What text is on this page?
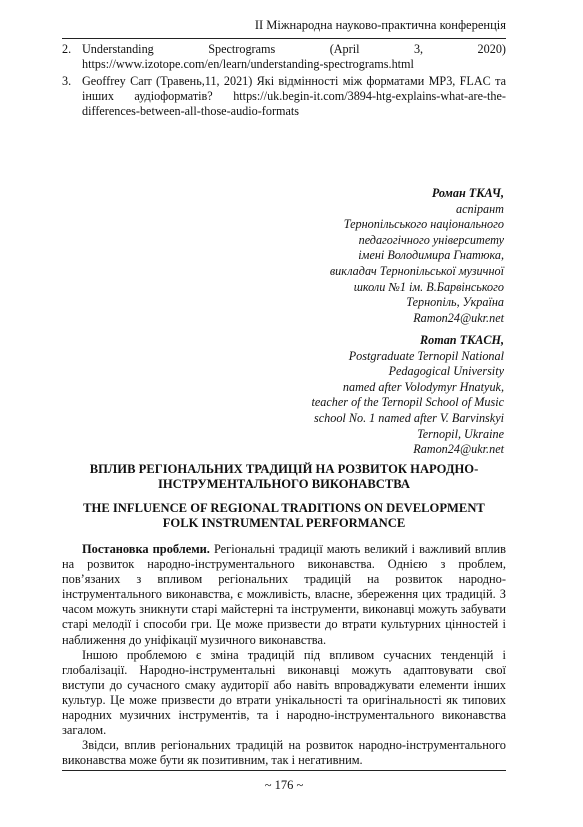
ІІ Міжнародна науково-практична конференція
2. Understanding Spectrograms (April 3, 2020) https://www.izotope.com/en/learn/understanding-spectrograms.html
3. Geoffrey Carr (Травень,11, 2021) Які відмінності між форматами MP3, FLAC та інших аудіоформатів? https://uk.begin-it.com/3894-htg-explains-what-are-the-differences-between-all-those-audio-formats
Роман ТКАЧ,
аспірант
Тернопільського національного
педагогічного університету
імені Володимира Гнатюка,
викладач Тернопільської музичної
школи №1 ім. В.Барвінського
Тернопіль, Україна
Ramon24@ukr.net
Roman TKACH,
Postgraduate Ternopil National
Pedagogical University
named after Volodymyr Hnatyuk,
teacher of the Ternopil School of Music
school No. 1 named after V. Barvinskyi
Ternopil, Ukraine
Ramon24@ukr.net
ВПЛИВ РЕГІОНАЛЬНИХ ТРАДИЦІЙ НА РОЗВИТОК НАРОДНО-
ІНСТРУМЕНТАЛЬНОГО ВИКОНАВСТВА
THE INFLUENCE OF REGIONAL TRADITIONS ON DEVELOPMENT
FOLK INSTRUMENTAL PERFORMANCE

Постановка проблеми. Регіональні традиції мають великий і важливий вплив на розвиток народно-інструментального виконавства. Однією з проблем, пов’язаних з впливом регіональних традицій на розвиток народно-інструментального виконавства, є можливість, власне, збереження цих традицій. З часом можуть зникнути старі майстерні та інструменти, виконавці можуть забувати старі мелодії і способи гри. Це може призвести до втрати культурних цінностей і наближення до уніфікації музичного виконавства.

Іншою проблемою є зміна традицій під впливом сучасних тенденцій і глобалізації. Народно-інструментальні виконавці можуть адаптовувати свої виступи до сучасного смаку аудиторії або навіть впроваджувати елементи інших культур. Це може призвести до втрати унікальності та оригінальності як типових народних музичних інструментів, та і народно-інструментального виконавства загалом.

Звідси, вплив регіональних традицій на розвиток народно-інструментального виконавства може бути як позитивним, так і негативним.

~ 176 ~
